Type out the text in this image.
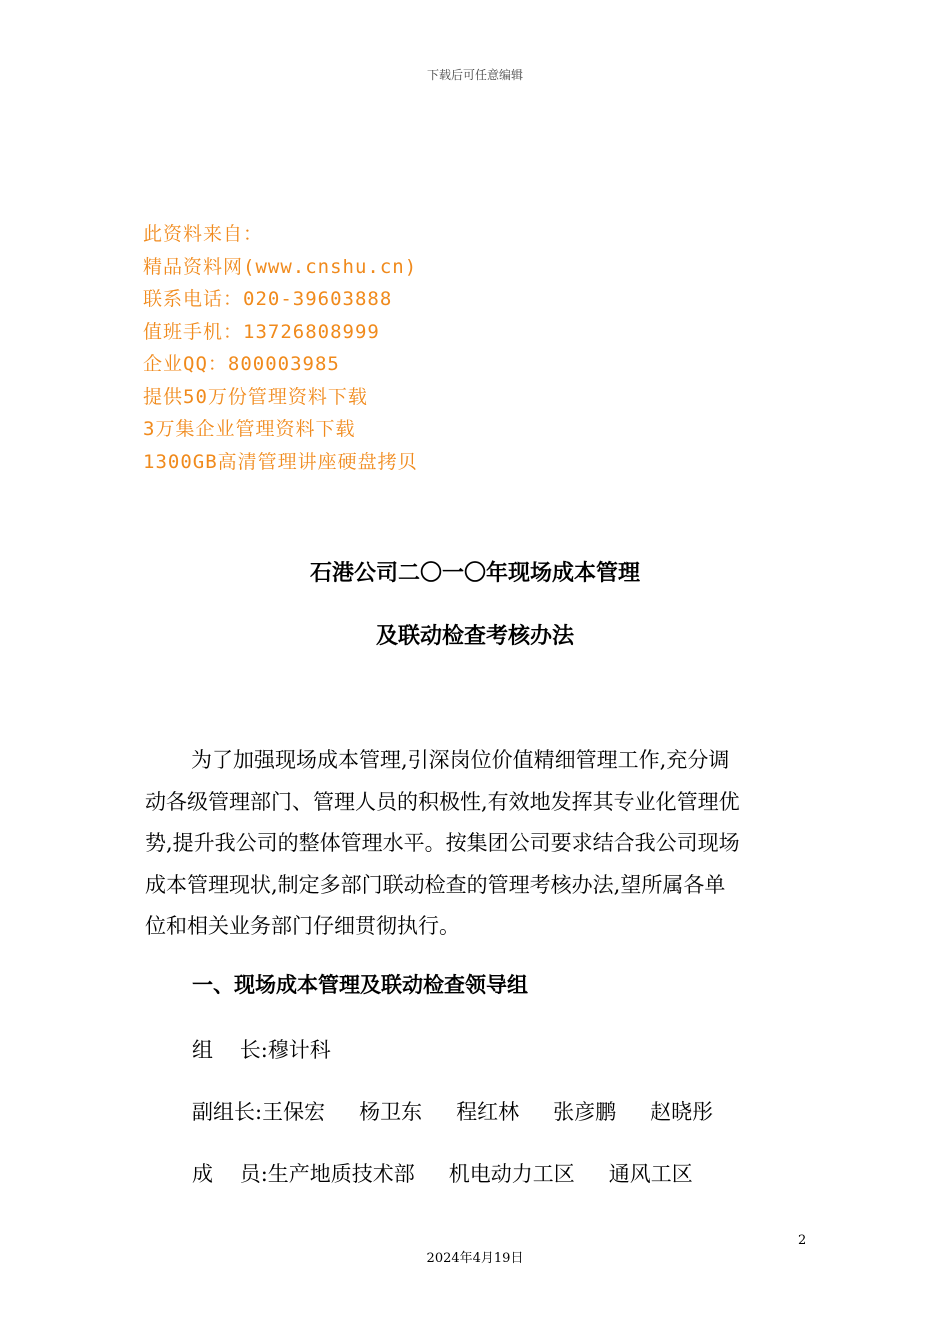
下载后可任意编辑
此资料来自：
精品资料网(www.cnshu.cn)
联系电话：020-39603888
值班手机：13726808999
企业QQ：800003985
提供50万份管理资料下载
3万集企业管理资料下载
1300GB高清管理讲座硬盘拷贝
石港公司二〇一〇年现场成本管理
及联动检查考核办法
为了加强现场成本管理,引深岗位价值精细管理工作,充分调
动各级管理部门、管理人员的积极性,有效地发挥其专业化管理优
势,提升我公司的整体管理水平。按集团公司要求结合我公司现场
成本管理现状,制定多部门联动检查的管理考核办法,望所属各单
位和相关业务部门仔细贯彻执行。
一、现场成本管理及联动检查领导组
组    长:穆计科
副组长:王保宏 杨卫东 程红林 张彦鹏 赵晓彤
成    员:生产地质技术部 机电动力工区 通风工区
2
2024年4月19日
